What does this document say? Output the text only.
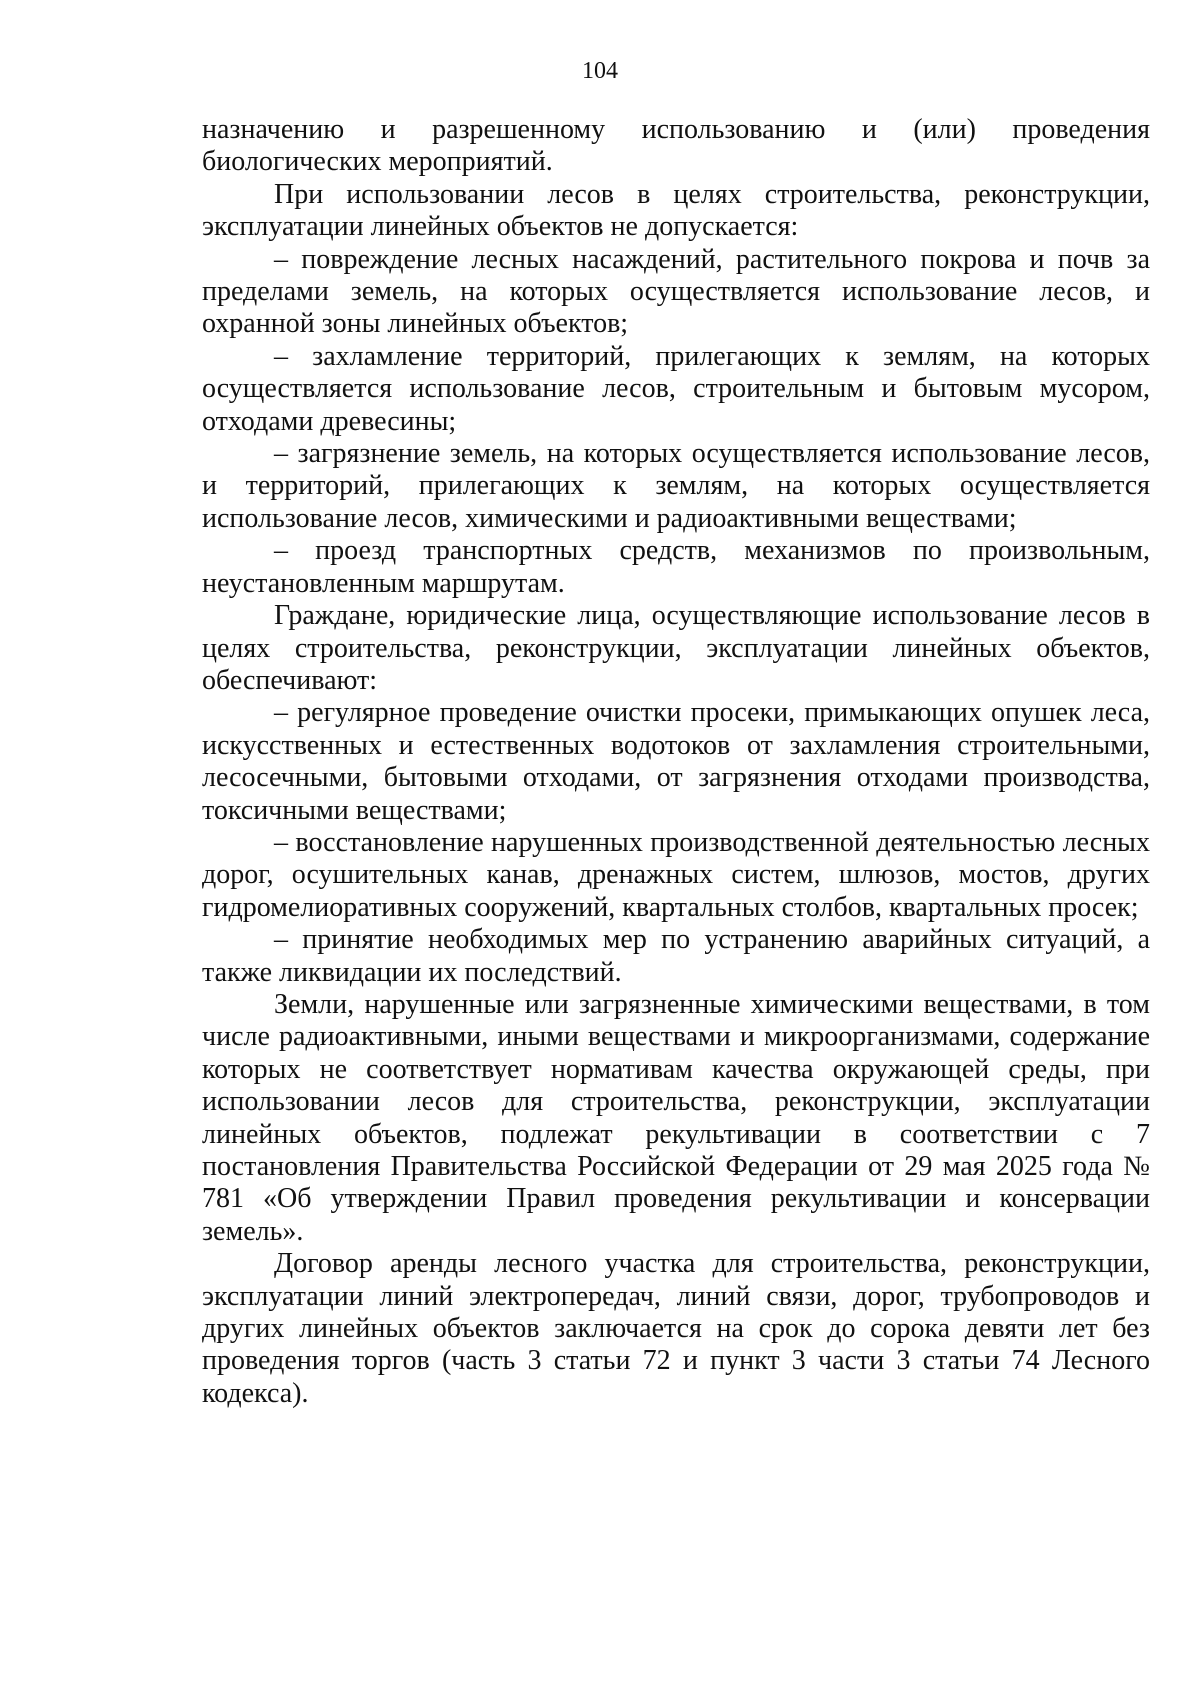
104

назначению и разрешенному использованию и (или) проведения биологических мероприятий.

При использовании лесов в целях строительства, реконструкции, эксплуатации линейных объектов не допускается:

– повреждение лесных насаждений, растительного покрова и почв за пределами земель, на которых осуществляется использование лесов, и охранной зоны линейных объектов;

– захламление территорий, прилегающих к землям, на которых осуществляется использование лесов, строительным и бытовым мусором, отходами древесины;

– загрязнение земель, на которых осуществляется использование лесов, и территорий, прилегающих к землям, на которых осуществляется использование лесов, химическими и радиоактивными веществами;

– проезд транспортных средств, механизмов по произвольным, неустановленным маршрутам.

Граждане, юридические лица, осуществляющие использование лесов в целях строительства, реконструкции, эксплуатации линейных объектов, обеспечивают:

– регулярное проведение очистки просеки, примыкающих опушек леса, искусственных и естественных водотоков от захламления строительными, лесосечными, бытовыми отходами, от загрязнения отходами производства, токсичными веществами;

– восстановление нарушенных производственной деятельностью лесных дорог, осушительных канав, дренажных систем, шлюзов, мостов, других гидромелиоративных сооружений, квартальных столбов, квартальных просек;

– принятие необходимых мер по устранению аварийных ситуаций, а также ликвидации их последствий.

Земли, нарушенные или загрязненные химическими веществами, в том числе радиоактивными, иными веществами и микроорганизмами, содержание которых не соответствует нормативам качества окружающей среды, при использовании лесов для строительства, реконструкции, эксплуатации линейных объектов, подлежат рекультивации в соответствии с 7 постановления Правительства Российской Федерации от 29 мая 2025 года № 781 «Об утверждении Правил проведения рекультивации и консервации земель».

Договор аренды лесного участка для строительства, реконструкции, эксплуатации линий электропередач, линий связи, дорог, трубопроводов и других линейных объектов заключается на срок до сорока девяти лет без проведения торгов (часть 3 статьи 72 и пункт 3 части 3 статьи 74 Лесного кодекса).
